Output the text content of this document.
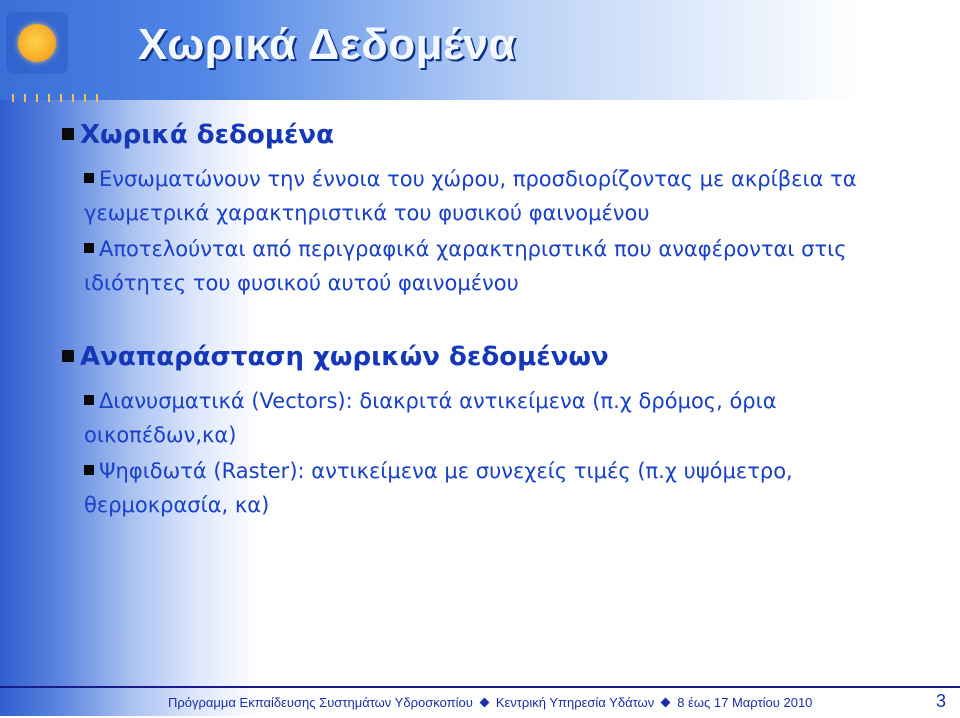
Χωρικά Δεδομένα

Χωρικά δεδομένα

Ενσωματώνουν την έννοια του χώρου, προσδιορίζοντας με ακρίβεια τα γεωμετρικά χαρακτηριστικά του φυσικού φαινομένου

Αποτελούνται από περιγραφικά χαρακτηριστικά που αναφέρονται στις ιδιότητες του φυσικού αυτού φαινομένου

Αναπαράσταση χωρικών δεδομένων

Διανυσματικά (Vectors): διακριτά αντικείμενα (π.χ δρόμος, όρια οικοπέδων,κα)

Ψηφιδωτά (Raster): αντικείμενα με συνεχείς τιμές (π.χ υψόμετρο, θερμοκρασία, κα)

Πρόγραμμα Εκπαίδευσης Συστημάτων Υδροσκοπίου Κεντρική Υπηρεσία Υδάτων 8 έως 17 Μαρτίου 2010	3
